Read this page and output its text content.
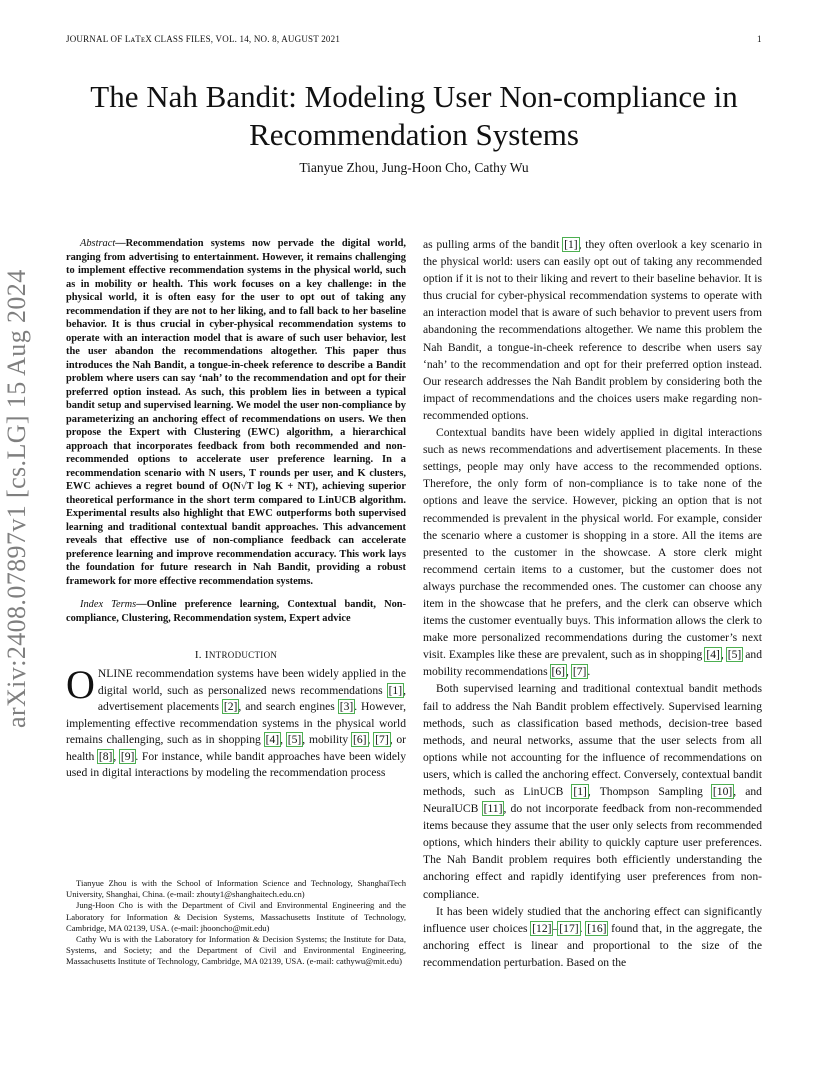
JOURNAL OF LᴀTᴇX CLASS FILES, VOL. 14, NO. 8, AUGUST 2021	1
arXiv:2408.07897v1 [cs.LG] 15 Aug 2024
The Nah Bandit: Modeling User Non-compliance in Recommendation Systems
Tianyue Zhou, Jung-Hoon Cho, Cathy Wu

Abstract—Recommendation systems now pervade the digital world, ranging from advertising to entertainment. However, it remains challenging to implement effective recommendation systems in the physical world, such as in mobility or health. This work focuses on a key challenge: in the physical world, it is often easy for the user to opt out of taking any recommendation if they are not to her liking, and to fall back to her baseline behavior. It is thus crucial in cyber-physical recommendation systems to operate with an interaction model that is aware of such user behavior, lest the user abandon the recommendations altogether. This paper thus introduces the Nah Bandit, a tongue-in-cheek reference to describe a Bandit problem where users can say ‘nah’ to the recommendation and opt for their preferred option instead. As such, this problem lies in between a typical bandit setup and supervised learning. We model the user non-compliance by parameterizing an anchoring effect of recommendations on users. We then propose the Expert with Clustering (EWC) algorithm, a hierarchical approach that incorporates feedback from both recommended and non-recommended options to accelerate user preference learning. In a recommendation scenario with N users, T rounds per user, and K clusters, EWC achieves a regret bound of O(N√T log K + NT), achieving superior theoretical performance in the short term compared to LinUCB algorithm. Experimental results also highlight that EWC outperforms both supervised learning and traditional contextual bandit approaches. This advancement reveals that effective use of non-compliance feedback can accelerate preference learning and improve recommendation accuracy. This work lays the foundation for future research in Nah Bandit, providing a robust framework for more effective recommendation systems.

Index Terms—Online preference learning, Contextual bandit, Non-compliance, Clustering, Recommendation system, Expert advice

I. INTRODUCTION

ONLINE recommendation systems have been widely applied in the digital world, such as personalized news recommendations [1], advertisement placements [2], and search engines [3]. However, implementing effective recommendation systems in the physical world remains challenging, such as in shopping [4], [5], mobility [6], [7], or health [8], [9]. For instance, while bandit approaches have been widely used in digital interactions by modeling the recommendation process

Tianyue Zhou is with the School of Information Science and Technology, ShanghaiTech University, Shanghai, China. (e-mail: zhouty1@shanghaitech.edu.cn)

Jung-Hoon Cho is with the Department of Civil and Environmental Engineering and the Laboratory for Information & Decision Systems, Massachusetts Institute of Technology, Cambridge, MA 02139, USA. (e-mail: jhooncho@mit.edu)

Cathy Wu is with the Laboratory for Information & Decision Systems; the Institute for Data, Systems, and Society; and the Department of Civil and Environmental Engineering, Massachusetts Institute of Technology, Cambridge, MA 02139, USA. (e-mail: cathywu@mit.edu)

as pulling arms of the bandit [1], they often overlook a key scenario in the physical world: users can easily opt out of taking any recommended option if it is not to their liking and revert to their baseline behavior. It is thus crucial for cyber-physical recommendation systems to operate with an interaction model that is aware of such behavior to prevent users from abandoning the recommendations altogether. We name this problem the Nah Bandit, a tongue-in-cheek reference to describe when users say ‘nah’ to the recommendation and opt for their preferred option instead. Our research addresses the Nah Bandit problem by considering both the impact of recommendations and the choices users make regarding non-recommended options.

Contextual bandits have been widely applied in digital interactions such as news recommendations and advertisement placements. In these settings, people may only have access to the recommended options. Therefore, the only form of non-compliance is to take none of the options and leave the service. However, picking an option that is not recommended is prevalent in the physical world. For example, consider the scenario where a customer is shopping in a store. All the items are presented to the customer in the showcase. A store clerk might recommend certain items to a customer, but the customer does not always purchase the recommended ones. The customer can choose any item in the showcase that he prefers, and the clerk can observe which items the customer eventually buys. This information allows the clerk to make more personalized recommendations during the customer’s next visit. Examples like these are prevalent, such as in shopping [4], [5] and mobility recommendations [6], [7].

Both supervised learning and traditional contextual bandit methods fail to address the Nah Bandit problem effectively. Supervised learning methods, such as classification based methods, decision-tree based methods, and neural networks, assume that the user selects from all options while not accounting for the influence of recommendations on users, which is called the anchoring effect. Conversely, contextual bandit methods, such as LinUCB [1], Thompson Sampling [10], and NeuralUCB [11], do not incorporate feedback from non-recommended items because they assume that the user only selects from recommended options, which hinders their ability to quickly capture user preferences. The Nah Bandit problem requires both efficiently understanding the anchoring effect and rapidly identifying user preferences from non-compliance.

It has been widely studied that the anchoring effect can significantly influence user choices [12]–[17]. [16] found that, in the aggregate, the anchoring effect is linear and proportional to the size of the recommendation perturbation. Based on the
